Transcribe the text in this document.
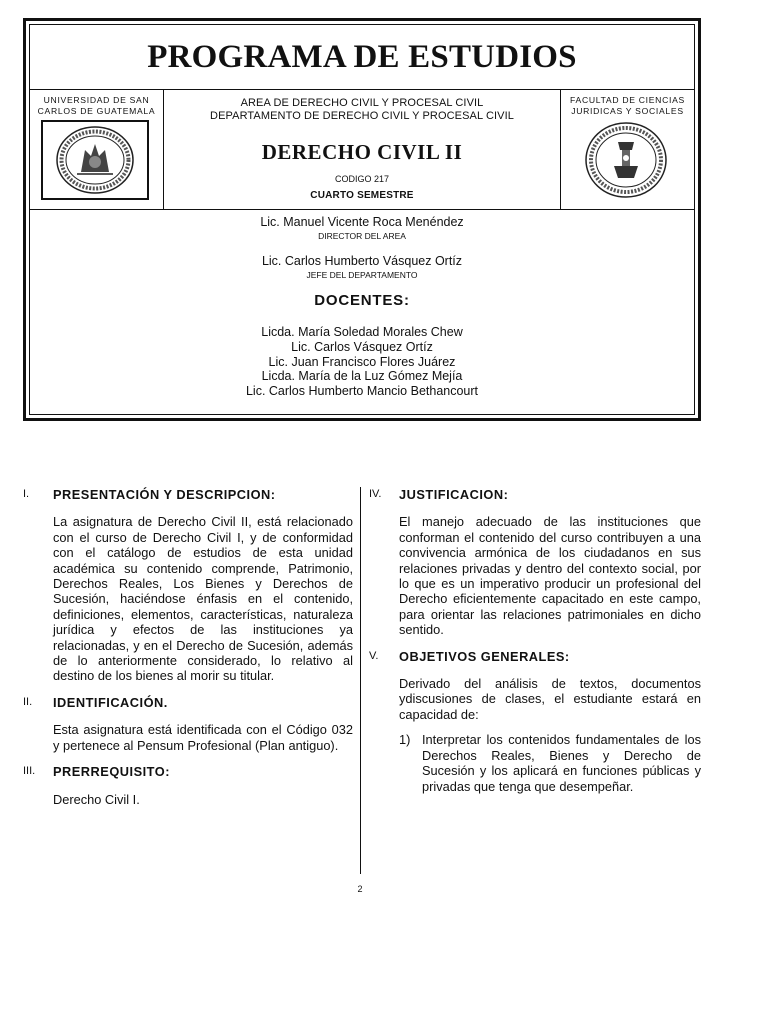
PROGRAMA DE ESTUDIOS
UNIVERSIDAD DE SAN
CARLOS DE GUATEMALA
AREA DE DERECHO CIVIL Y PROCESAL CIVIL
DEPARTAMENTO DE DERECHO CIVIL Y PROCESAL CIVIL
DERECHO CIVIL II
CODIGO 217
CUARTO SEMESTRE
FACULTAD DE CIENCIAS
JURIDICAS Y SOCIALES
Lic. Manuel Vicente Roca Menéndez
DIRECTOR DEL AREA
Lic. Carlos Humberto Vásquez Ortíz
JEFE DEL DEPARTAMENTO
DOCENTES:
Licda. María Soledad Morales Chew
Lic. Carlos Vásquez Ortíz
Lic. Juan Francisco Flores Juárez
Licda. María de la Luz Gómez Mejía
Lic. Carlos Humberto Mancio Bethancourt
I. PRESENTACIÓN Y DESCRIPCION:
La asignatura de Derecho Civil II, está relacionado con el curso de Derecho Civil I, y de conformidad con el catálogo de estudios de esta unidad académica su contenido comprende, Patrimonio, Derechos Reales, Los Bienes y Derechos de Sucesión, haciéndose énfasis en el contenido, definiciones, elementos, características, naturaleza jurídica y efectos de las instituciones ya relacionadas, y en el Derecho de Sucesión, además de lo anteriormente considerado, lo relativo al destino de los bienes al morir su titular.
II. IDENTIFICACIÓN.
Esta asignatura está identificada con el Código 032 y pertenece al Pensum Profesional (Plan antiguo).
III. PRERREQUISITO:
Derecho Civil I.
IV. JUSTIFICACION:
El manejo adecuado de las instituciones que conforman el contenido del curso contribuyen a una convivencia armónica de los ciudadanos en sus relaciones privadas y dentro del contexto social, por lo que es un imperativo producir un profesional del Derecho eficientemente capacitado en este campo, para orientar las relaciones patrimoniales en dicho sentido.
V. OBJETIVOS GENERALES:
Derivado del análisis de textos, documentos ydiscusiones de clases, el estudiante estará en capacidad de:
1) Interpretar los contenidos fundamentales de los Derechos Reales, Bienes y Derecho de Sucesión y los aplicará en funciones públicas y privadas que tenga que desempeñar.
2
